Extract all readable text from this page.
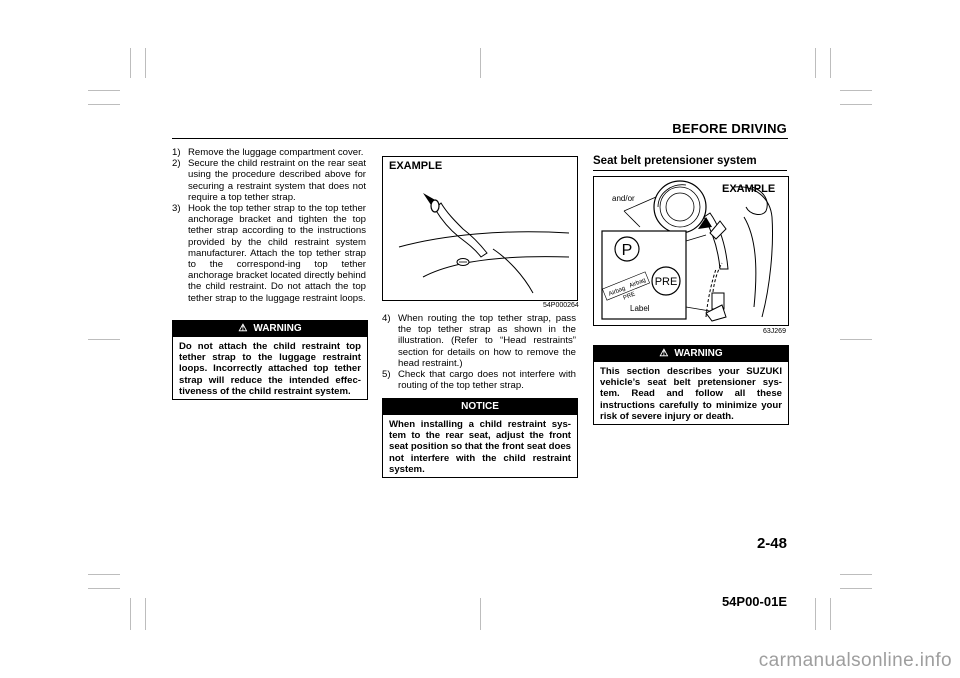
BEFORE DRIVING
1) Remove the luggage compartment cover.
2) Secure the child restraint on the rear seat using the procedure described above for securing a restraint system that does not require a top tether strap.
3) Hook the top tether strap to the top tether anchorage bracket and tighten the top tether strap according to the instructions provided by the child restraint system manufacturer. Attach the top tether strap to the correspond-ing top tether anchorage bracket located directly behind the child restraint. Do not attach the top tether strap to the luggage restraint loops.
⚠ WARNING
Do not attach the child restraint top tether strap to the luggage restraint loops. Incorrectly attached top tether strap will reduce the intended effec-tiveness of the child restraint system.
EXAMPLE
54P000264
4) When routing the top tether strap, pass the top tether strap as shown in the illustration. (Refer to “Head restraints” section for details on how to remove the head restraint.)
5) Check that cargo does not interfere with routing of the top tether strap.
NOTICE
When installing a child restraint sys-tem to the rear seat, adjust the front seat position so that the front seat does not interfere with the child restraint system.
Seat belt pretensioner system
P
PRE
Airbag
Airbag
PRE
EXAMPLE
and/or
Label
63J269
⚠ WARNING
This section describes your SUZUKI vehicle’s seat belt pretensioner sys-tem. Read and follow all these instructions carefully to minimize your risk of severe injury or death.
2-48
54P00-01E
carmanualsonline.info
